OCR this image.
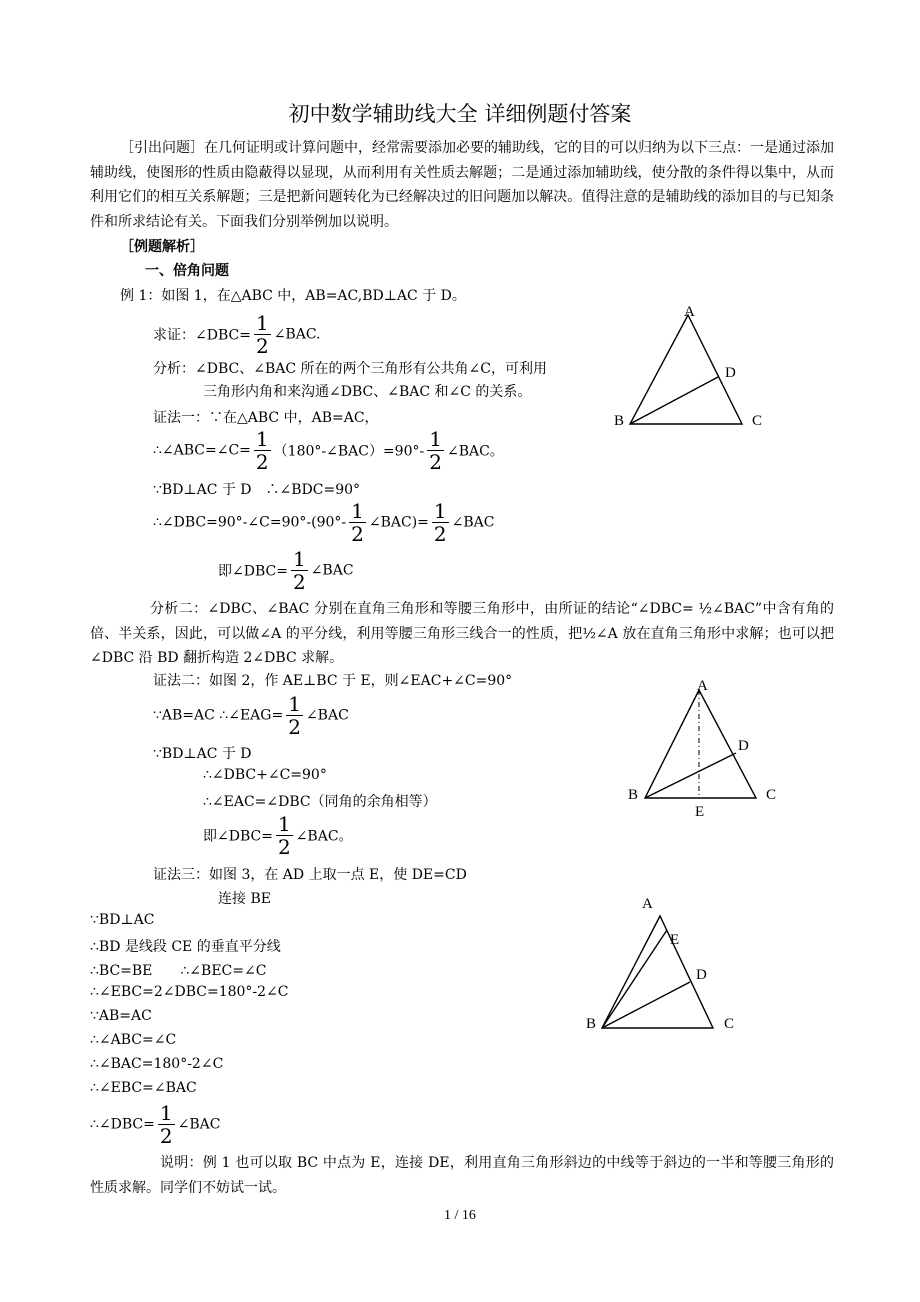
初中数学辅助线大全 详细例题付答案
［引出问题］在几何证明或计算问题中，经常需要添加必要的辅助线，它的目的可以归纳为以下三点：一是通过添加辅助线，使图形的性质由隐蔽得以显现，从而利用有关性质去解题；二是通过添加辅助线，使分散的条件得以集中，从而利用它们的相互关系解题；三是把新问题转化为已经解决过的旧问题加以解决。值得注意的是辅助线的添加目的与已知条件和所求结论有关。下面我们分别举例加以说明。
［例题解析］
一、倍角问题
例 1：如图 1，在△ABC 中，AB=AC,BD⊥AC 于 D。
求证：∠DBC= $\frac{1}{2}$ ∠BAC.
分析：∠DBC、∠BAC 所在的两个三角形有公共角∠C，可利用
三角形内角和来沟通∠DBC、∠BAC 和∠C 的关系。
证法一：∵在△ABC 中，AB=AC，
∴∠ABC=∠C= $\frac{1}{2}$ （180°-∠BAC）=90°- $\frac{1}{2}$ ∠BAC。
∵BD⊥AC 于 D　∴∠BDC=90°
∴∠DBC=90°-∠C=90°-(90°- $\frac{1}{2}$ ∠BAC)= $\frac{1}{2}$ ∠BAC
即∠DBC= $\frac{1}{2}$ ∠BAC
分析二：∠DBC、∠BAC 分别在直角三角形和等腰三角形中，由所证的结论“∠DBC= ½∠BAC”中含有角的倍、半关系，因此，可以做∠A 的平分线，利用等腰三角形三线合一的性质，把½∠A 放在直角三角形中求解；也可以把∠DBC 沿 BD 翻折构造 2∠DBC 求解。
证法二：如图 2，作 AE⊥BC 于 E，则∠EAC+∠C=90°
∵AB=AC ∴∠EAG= $\frac{1}{2}$ ∠BAC
∵BD⊥AC 于 D
∴∠DBC+∠C=90°
∴∠EAC=∠DBC（同角的余角相等）
即∠DBC= $\frac{1}{2}$ ∠BAC。
证法三：如图 3，在 AD 上取一点 E，使 DE=CD
连接 BE
∵BD⊥AC
∴BD 是线段 CE 的垂直平分线
∴BC=BE　　∴∠BEC=∠C
∴∠EBC=2∠DBC=180°-2∠C
∵AB=AC
∴∠ABC=∠C
∴∠BAC=180°-2∠C
∴∠EBC=∠BAC
∴∠DBC= $\frac{1}{2}$ ∠BAC
说明：例 1 也可以取 BC 中点为 E，连接 DE，利用直角三角形斜边的中线等于斜边的一半和等腰三角形的性质求解。同学们不妨试一试。
A
B	C
D
A
B	C
D
E
A
B	C
D
E
1 / 16
